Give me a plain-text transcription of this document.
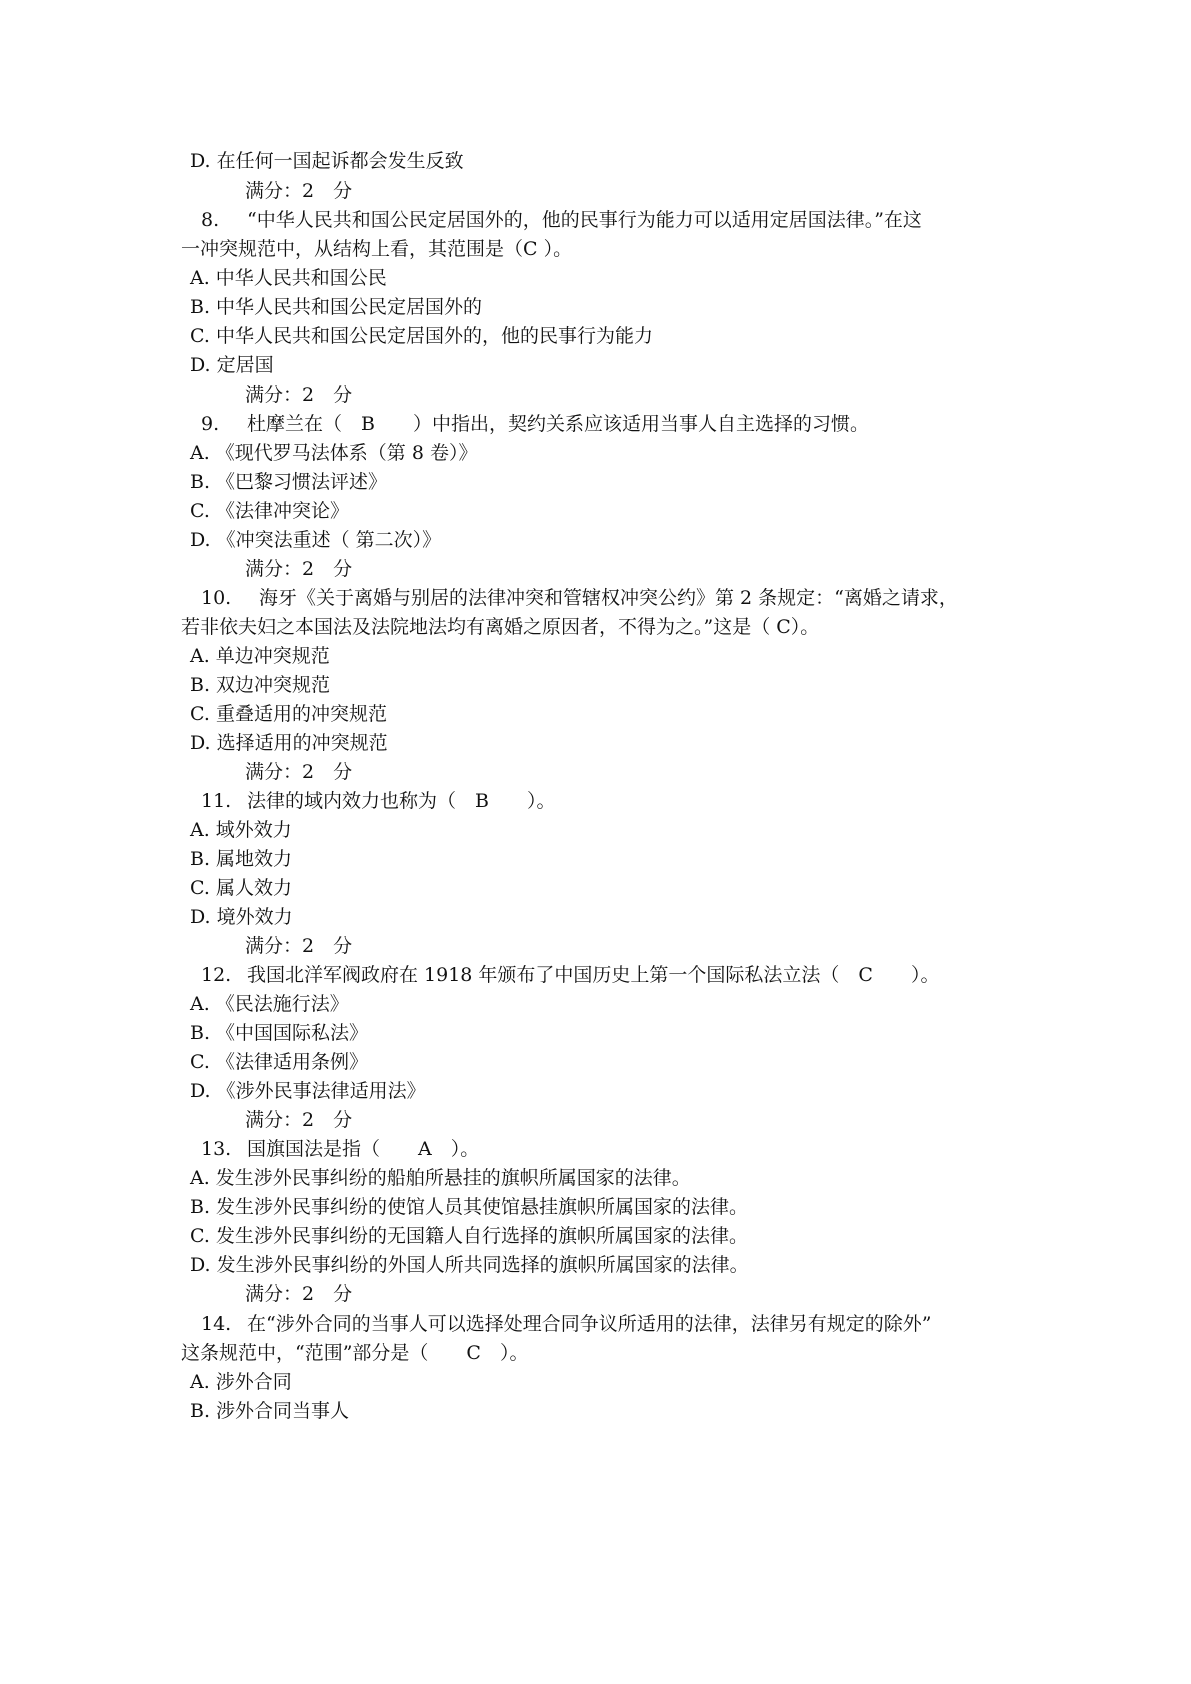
D. 在任何一国起诉都会发生反致
满分：2　分
8. “中华人民共和国公民定居国外的，他的民事行为能力可以适用定居国法律。”在这
一冲突规范中，从结构上看，其范围是（C ）。
A. 中华人民共和国公民
B. 中华人民共和国公民定居国外的
C. 中华人民共和国公民定居国外的，他的民事行为能力
D. 定居国
满分：2　分
9. 杜摩兰在（　B　　）中指出，契约关系应该适用当事人自主选择的习惯。
A. 《现代罗马法体系（第 8 卷）》
B. 《巴黎习惯法评述》
C. 《法律冲突论》
D. 《冲突法重述（ 第二次）》
满分：2　分
10. 海牙《关于离婚与别居的法律冲突和管辖权冲突公约》第 2 条规定：“离婚之请求，
若非依夫妇之本国法及法院地法均有离婚之原因者，不得为之。”这是（ C）。
A. 单边冲突规范
B. 双边冲突规范
C. 重叠适用的冲突规范
D. 选择适用的冲突规范
满分：2　分
11. 法律的域内效力也称为（　B　　）。
A. 域外效力
B. 属地效力
C. 属人效力
D. 境外效力
满分：2　分
12. 我国北洋军阀政府在 1918 年颁布了中国历史上第一个国际私法立法（　C　　）。
A. 《民法施行法》
B. 《中国国际私法》
C. 《法律适用条例》
D. 《涉外民事法律适用法》
满分：2　分
13. 国旗国法是指（　　A　）。
A. 发生涉外民事纠纷的船舶所悬挂的旗帜所属国家的法律。
B. 发生涉外民事纠纷的使馆人员其使馆悬挂旗帜所属国家的法律。
C. 发生涉外民事纠纷的无国籍人自行选择的旗帜所属国家的法律。
D. 发生涉外民事纠纷的外国人所共同选择的旗帜所属国家的法律。
满分：2　分
14. 在“涉外合同的当事人可以选择处理合同争议所适用的法律，法律另有规定的除外”
这条规范中，“范围”部分是（　　C　）。
A. 涉外合同
B. 涉外合同当事人
